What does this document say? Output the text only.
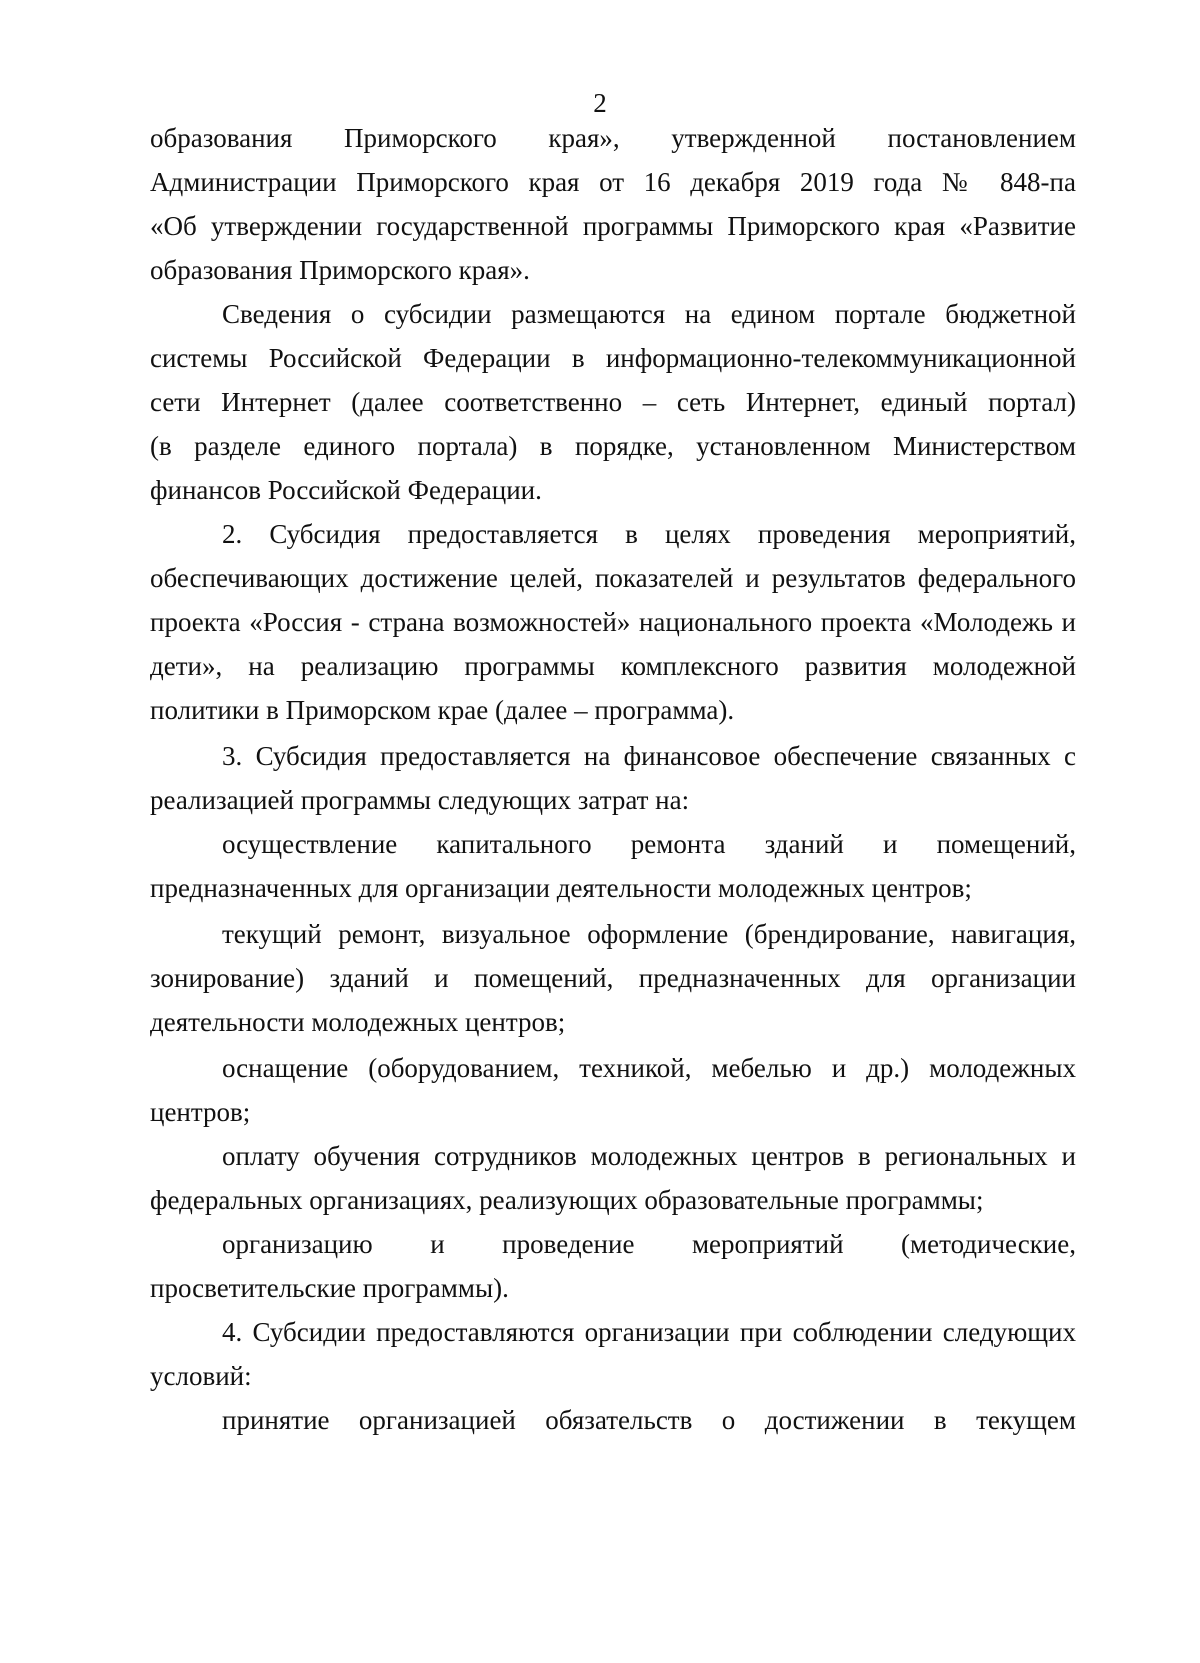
2
образования Приморского края», утвержденной постановлением
Администрации Приморского края от 16 декабря 2019 года № 848-па
«Об утверждении государственной программы Приморского края «Развитие
образования Приморского края».
Сведения о субсидии размещаются на едином портале бюджетной
системы Российской Федерации в информационно-телекоммуникационной
сети Интернет (далее соответственно – сеть Интернет, единый портал)
(в разделе единого портала) в порядке, установленном Министерством
финансов Российской Федерации.
2. Субсидия предоставляется в целях проведения мероприятий,
обеспечивающих достижение целей, показателей и результатов федерального
проекта «Россия - страна возможностей» национального проекта «Молодежь и
дети», на реализацию программы комплексного развития молодежной
политики в Приморском крае (далее – программа).
3. Субсидия предоставляется на финансовое обеспечение связанных с
реализацией программы следующих затрат на:
осуществление капитального ремонта зданий и помещений,
предназначенных для организации деятельности молодежных центров;
текущий ремонт, визуальное оформление (брендирование, навигация,
зонирование) зданий и помещений, предназначенных для организации
деятельности молодежных центров;
оснащение (оборудованием, техникой, мебелью и др.) молодежных
центров;
оплату обучения сотрудников молодежных центров в региональных и
федеральных организациях, реализующих образовательные программы;
организацию и проведение мероприятий (методические,
просветительские программы).
4. Субсидии предоставляются организации при соблюдении следующих
условий:
принятие организацией обязательств о достижении в текущем
